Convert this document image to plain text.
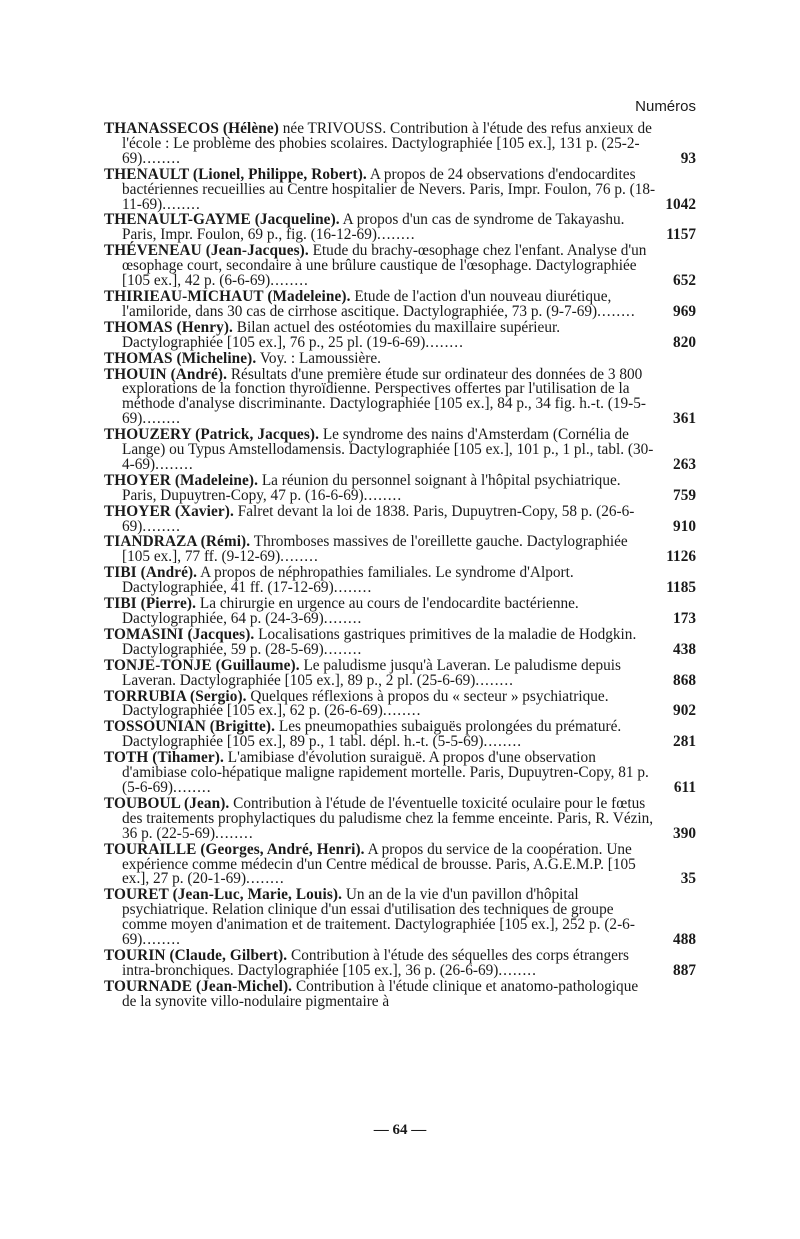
Numéros
THANASSECOS (Hélène) née TRIVOUSS. Contribution à l'étude des refus anxieux de l'école : Le problème des phobies scolaires. Dactylographiée [105 ex.], 131 p. (25-2-69)........	93
THENAULT (Lionel, Philippe, Robert). A propos de 24 observations d'endocardites bactériennes recueillies au Centre hospitalier de Nevers. Paris, Impr. Foulon, 76 p. (18-11-69)........	1042
THENAULT-GAYME (Jacqueline). A propos d'un cas de syndrome de Takayashu. Paris, Impr. Foulon, 69 p., fig. (16-12-69)........	1157
THÉVENEAU (Jean-Jacques). Etude du brachy-œsophage chez l'enfant. Analyse d'un œsophage court, secondaire à une brûlure caustique de l'œsophage. Dactylographiée [105 ex.], 42 p. (6-6-69)........	652
THIRIEAU-MICHAUT (Madeleine). Etude de l'action d'un nouveau diurétique, l'amiloride, dans 30 cas de cirrhose ascitique. Dactylographiée, 73 p. (9-7-69)........	969
THOMAS (Henry). Bilan actuel des ostéotomies du maxillaire supérieur. Dactylographiée [105 ex.], 76 p., 25 pl. (19-6-69)........	820
THOMAS (Micheline). Voy. : Lamoussière.
THOUIN (André). Résultats d'une première étude sur ordinateur des données de 3 800 explorations de la fonction thyroïdienne. Perspectives offertes par l'utilisation de la méthode d'analyse discriminante. Dactylographiée [105 ex.], 84 p., 34 fig. h.-t. (19-5-69)........	361
THOUZERY (Patrick, Jacques). Le syndrome des nains d'Amsterdam (Cornélia de Lange) ou Typus Amstellodamensis. Dactylographiée [105 ex.], 101 p., 1 pl., tabl. (30-4-69)........	263
THOYER (Madeleine). La réunion du personnel soignant à l'hôpital psychiatrique. Paris, Dupuytren-Copy, 47 p. (16-6-69)........	759
THOYER (Xavier). Falret devant la loi de 1838. Paris, Dupuytren-Copy, 58 p. (26-6-69)........	910
TIANDRAZA (Rémi). Thromboses massives de l'oreillette gauche. Dactylographiée [105 ex.], 77 ff. (9-12-69)........	1126
TIBI (André). A propos de néphropathies familiales. Le syndrome d'Alport. Dactylographiée, 41 ff. (17-12-69)........	1185
TIBI (Pierre). La chirurgie en urgence au cours de l'endocardite bactérienne. Dactylographiée, 64 p. (24-3-69)........	173
TOMASINI (Jacques). Localisations gastriques primitives de la maladie de Hodgkin. Dactylographiée, 59 p. (28-5-69)........	438
TONJE-TONJE (Guillaume). Le paludisme jusqu'à Laveran. Le paludisme depuis Laveran. Dactylographiée [105 ex.], 89 p., 2 pl. (25-6-69)........	868
TORRUBIA (Sergio). Quelques réflexions à propos du « secteur » psychiatrique. Dactylographiée [105 ex.], 62 p. (26-6-69)........	902
TOSSOUNIAN (Brigitte). Les pneumopathies subaiguës prolongées du prématuré. Dactylographiée [105 ex.], 89 p., 1 tabl. dépl. h.-t. (5-5-69)........	281
TOTH (Tihamer). L'amibiase d'évolution suraiguë. A propos d'une observation d'amibiase colo-hépatique maligne rapidement mortelle. Paris, Dupuytren-Copy, 81 p. (5-6-69)........	611
TOUBOUL (Jean). Contribution à l'étude de l'éventuelle toxicité oculaire pour le fœtus des traitements prophylactiques du paludisme chez la femme enceinte. Paris, R. Vézin, 36 p. (22-5-69)........	390
TOURAILLE (Georges, André, Henri). A propos du service de la coopération. Une expérience comme médecin d'un Centre médical de brousse. Paris, A.G.E.M.P. [105 ex.], 27 p. (20-1-69)........	35
TOURET (Jean-Luc, Marie, Louis). Un an de la vie d'un pavillon d'hôpital psychiatrique. Relation clinique d'un essai d'utilisation des techniques de groupe comme moyen d'animation et de traitement. Dactylographiée [105 ex.], 252 p. (2-6-69)........	488
TOURIN (Claude, Gilbert). Contribution à l'étude des séquelles des corps étrangers intra-bronchiques. Dactylographiée [105 ex.], 36 p. (26-6-69)........	887
TOURNADE (Jean-Michel). Contribution à l'étude clinique et anatomo-pathologique de la synovite villo-nodulaire pigmentaire à
— 64 —
